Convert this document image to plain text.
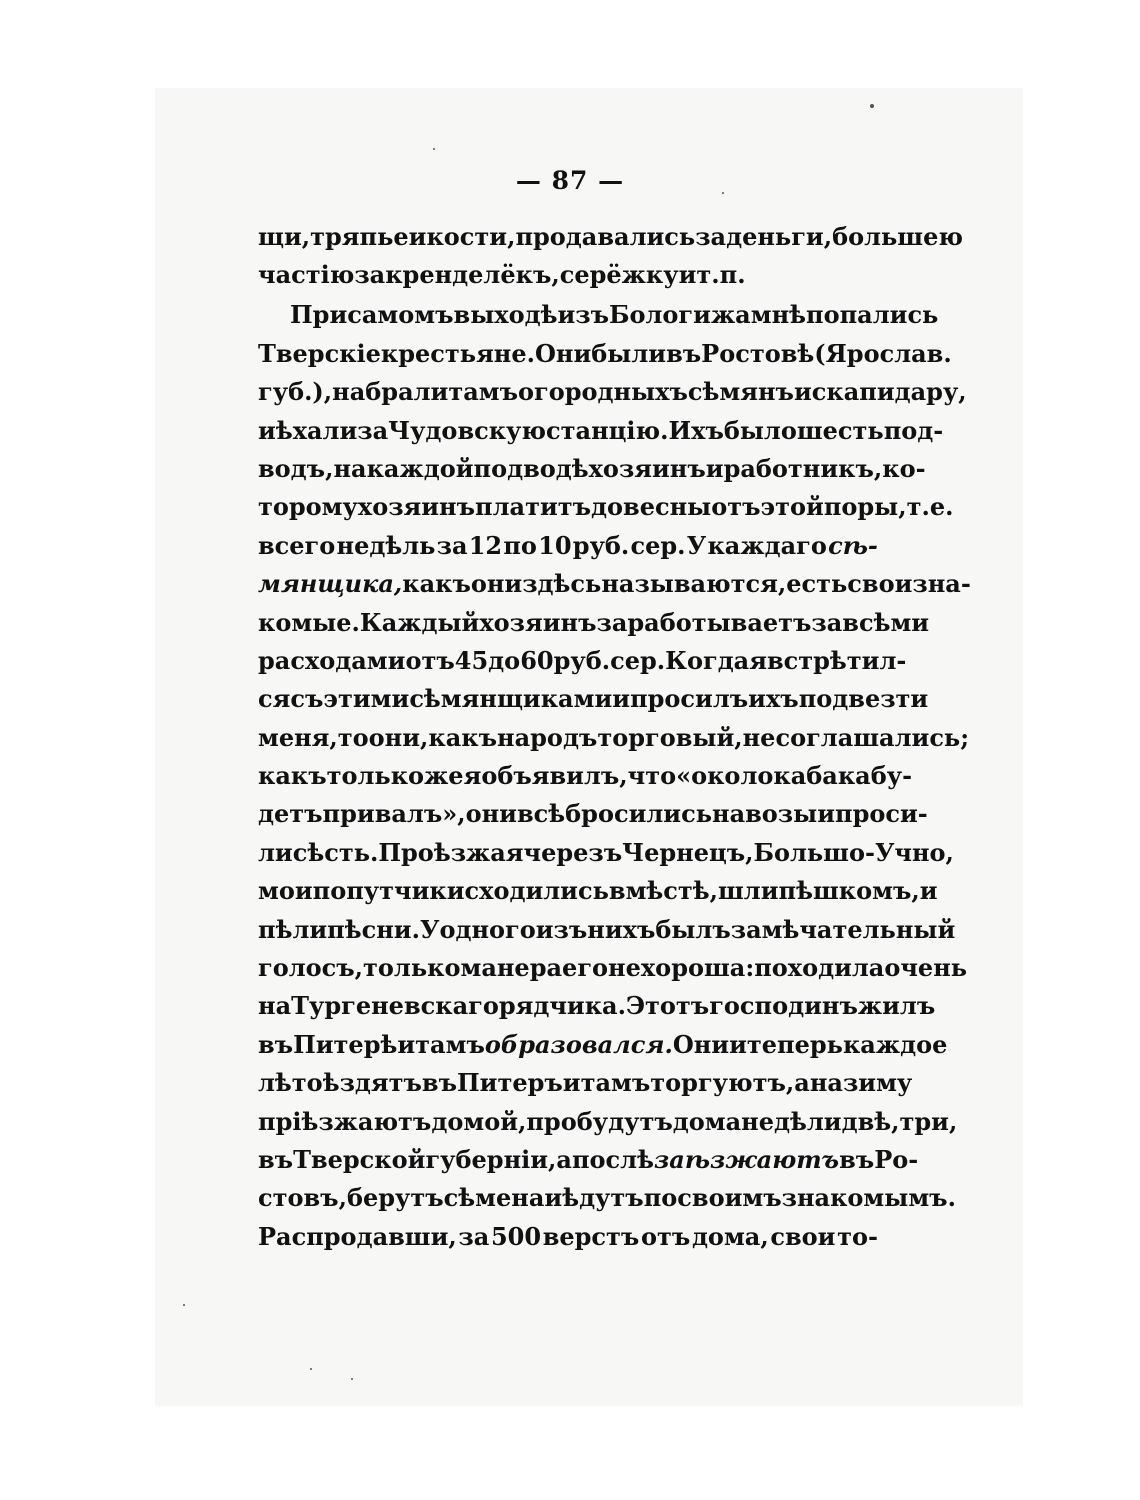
— 87 —
щи, тряпье и кости, продавались за деньги, большею
частію за кренделёкъ, серёжку и т. п.
При самомъ выходѣ изъ Бологижа мнѣ попались
Тверскіе крестьяне. Они были въ Ростовѣ (Ярослав.
губ.), набрали тамъ огородныхъ сѣмянъ и скапидару,
и ѣхали за Чудовскую станцію. Ихъ было шесть под-
водъ, на каждой подводѣ хозяинъ и работникъ, ко-
торому хозяинъ платитъ до весны отъ этой поры, т. е.
всего недѣль за 12 по 10 руб. сер. У каждаго сѣ-
мянщика, какъ они здѣсь называются, есть свои зна-
комые. Каждый хозяинъ заработываетъ за всѣми
расходами отъ 45 до 60 руб. сер. Когда я встрѣтил-
ся съ этими сѣмянщиками и просилъ ихъ подвезти
меня, то они, какъ народъ торговый, не соглашались;
какъ только же я объявилъ, что «около кабака бу-
детъ привалъ», они всѣ бросились на возы и проси-
ли сѣсть. Проѣзжая черезъ Чернецъ, Большо-Учно,
мои попутчики сходились вмѣстѣ, шли пѣшкомъ, и
пѣли пѣсни. У одного изъ нихъ былъ замѣчательный
голосъ, только манера его не хороша: походила очень
на Тургеневскаго рядчика. Этотъ господинъ жилъ
въ Питерѣ и тамъ образовался. Они и теперь каждое
лѣто ѣздятъ въ Питеръ и тамъ торгуютъ, а на зиму
пріѣзжаютъ домой, пробудутъ дома недѣли двѣ, три,
въ Тверской губерніи, а послѣ заѣзжаютъ въ Ро-
стовъ, берутъ сѣмена и ѣдутъ по своимъ знакомымъ.
Распродавши, за 500 верстъ отъ дома, свои то-
